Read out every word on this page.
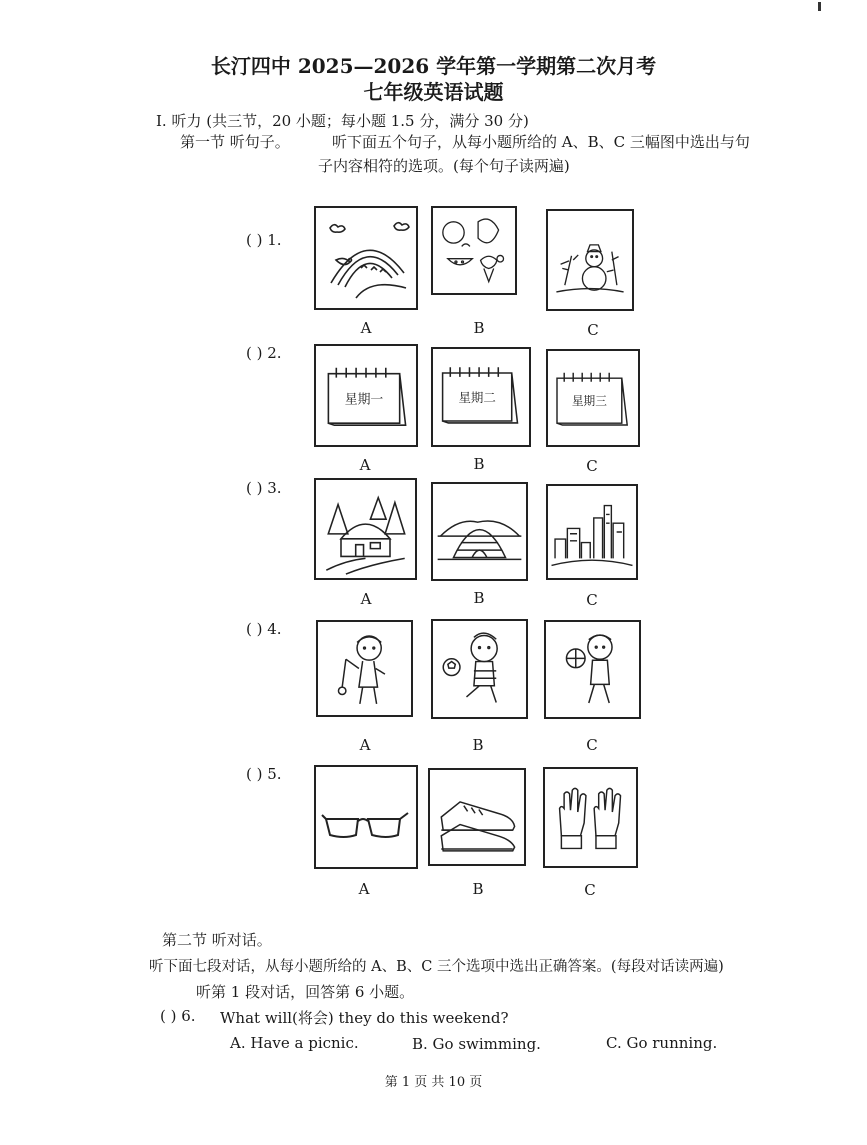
长汀四中 2025—2026 学年第一学期第二次月考
七年级英语试题
I. 听力 (共三节，20 小题；每小题 1.5 分，满分 30 分)
第一节 听句子。	听下面五个句子，从每小题所给的 A、B、C 三幅图中选出与句
子内容相符的选项。(每个句子读两遍)
( ) 1.
A	B	C
( ) 2.
星期一	星期二	星期三
A	B	C
( ) 3.
A	B	C
( ) 4.
A	B	C
( ) 5.
A	B	C
第二节 听对话。
听下面七段对话，从每小题所给的 A、B、C 三个选项中选出正确答案。(每段对话读两遍)
听第 1 段对话，回答第 6 小题。
( ) 6. What will(将会) they do this weekend?
A. Have a picnic.	B. Go swimming.	C. Go running.
第 1 页 共 10 页
